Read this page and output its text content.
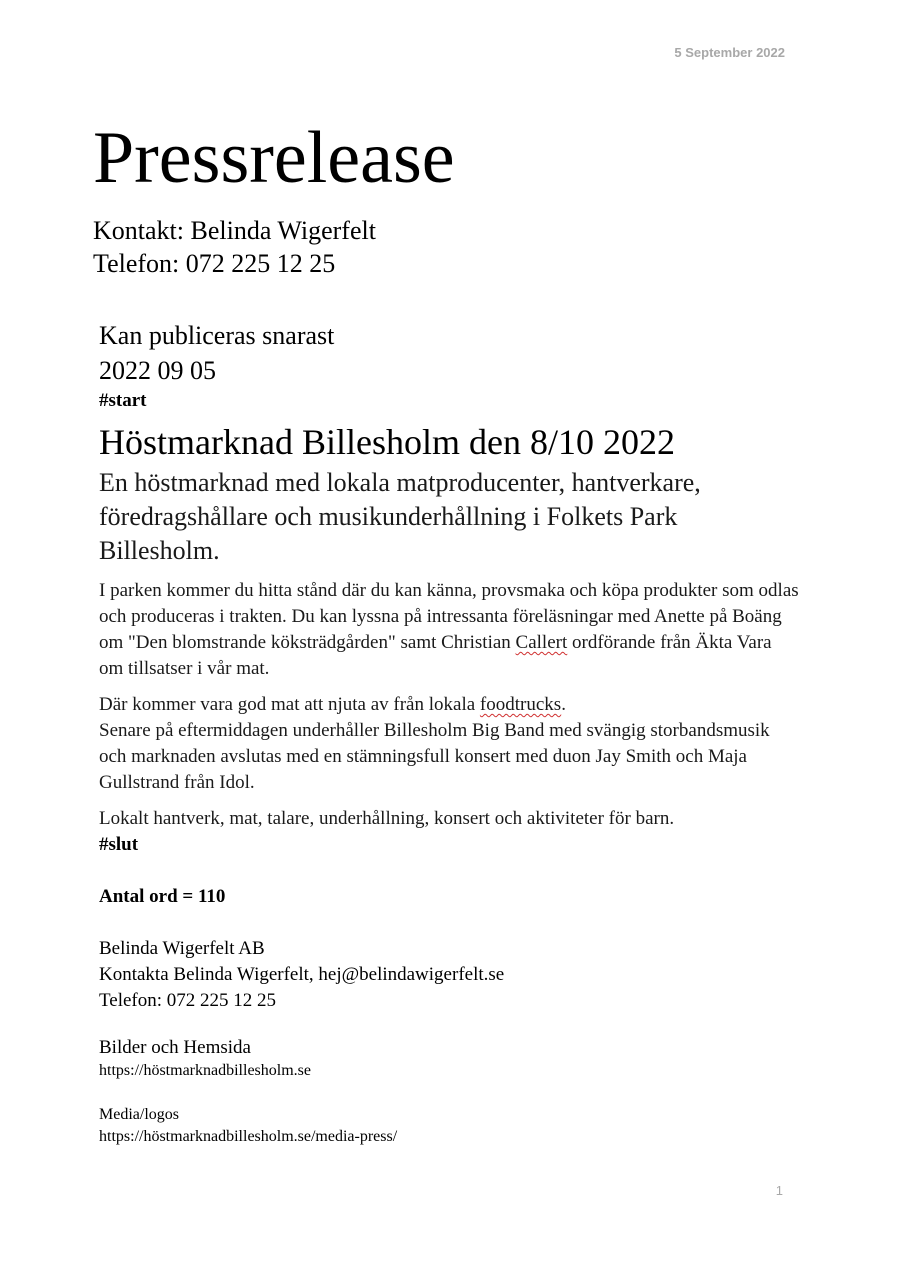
5 September 2022
Pressrelease
Kontakt: Belinda Wigerfelt
Telefon: 072 225 12 25
Kan publiceras snarast
2022 09 05
#start
Höstmarknad Billesholm den 8/10 2022

En höstmarknad med lokala matproducenter, hantverkare, föredragshållare och musikunderhållning i Folkets Park Billesholm.

I parken kommer du hitta stånd där du kan känna, provsmaka och köpa produkter som odlas och produceras i trakten. Du kan lyssna på intressanta föreläsningar med Anette på Boäng om "Den blomstrande köksträdgården" samt Christian Callert ordförande från Äkta Vara om tillsatser i vår mat.

Där kommer vara god mat att njuta av från lokala foodtrucks.
Senare på eftermiddagen underhåller Billesholm Big Band med svängig storbandsmusik och marknaden avslutas med en stämningsfull konsert med duon Jay Smith och Maja Gullstrand från Idol.

Lokalt hantverk, mat, talare, underhållning, konsert och aktiviteter för barn.

#slut
Antal ord = 110
Belinda Wigerfelt AB
Kontakta Belinda Wigerfelt, hej@belindawigerfelt.se
Telefon: 072 225 12 25
Bilder och Hemsida
https://höstmarknadbillesholm.se
Media/logos
https://höstmarknadbillesholm.se/media-press/
1
